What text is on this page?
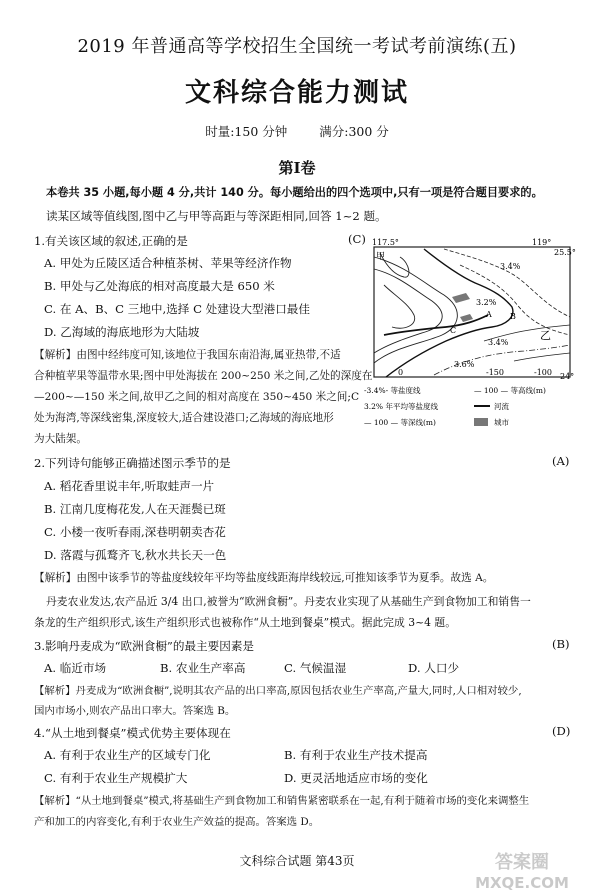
2019 年普通高等学校招生全国统一考试考前演练(五)
文科综合能力测试
时量:150 分钟	满分:300 分
第Ⅰ卷
本卷共 35 小题,每小题 4 分,共计 140 分。每小题给出的四个选项中,只有一项是符合题目要求的。
读某区域等值线图,图中乙与甲等高距与等深距相同,回答 1~2 题。
1.有关该区域的叙述,正确的是	(C)
A. 甲处为丘陵区适合种植茶树、苹果等经济作物
B. 甲处与乙处海底的相对高度最大是 650 米
C. 在 A、B、C 三地中,选择 C 处建设大型港口最佳
D. 乙海域的海底地形为大陆坡
【解析】由图中经纬度可知,该地位于我国东南沿海,属亚热带,不适
合种植苹果等温带水果;图中甲处海拔在 200~250 米之间,乙处的深度在
—200~—150 米之间,故甲乙之间的相对高度在 350~450 米之间;C
处为海湾,等深线密集,深度较大,适合建设港口;乙海域的海底地形
为大陆架。
117.5°	119°
25.5°
24°
甲
乙
B
C
A
3.4%
3.2%
3.4%
3.6%
0	-150	-100
-3.4%- 等盐度线	— 100 — 等高线(m)
3.2% 年平均等盐度线	河流
— 100 — 等深线(m)	城市
2.下列诗句能够正确描述图示季节的是	(A)
A. 稻花香里说丰年,听取蛙声一片
B. 江南几度梅花发,人在天涯鬓已斑
C. 小楼一夜听春雨,深巷明朝卖杏花
D. 落霞与孤鹜齐飞,秋水共长天一色
【解析】由图中该季节的等盐度线较年平均等盐度线距海岸线较远,可推知该季节为夏季。故选 A。
丹麦农业发达,农产品近 3/4 出口,被誉为“欧洲食橱”。丹麦农业实现了从基础生产到食物加工和销售一
条龙的生产组织形式,该生产组织形式也被称作“从土地到餐桌”模式。据此完成 3~4 题。
3.影响丹麦成为“欧洲食橱”的最主要因素是	(B)
A. 临近市场	B. 农业生产率高	C. 气候温湿	D. 人口少
【解析】丹麦成为“欧洲食橱”,说明其农产品的出口率高,原因包括农业生产率高,产量大,同时,人口相对较少,
国内市场小,则农产品出口率大。答案选 B。
4.“从土地到餐桌”模式优势主要体现在	(D)
A. 有利于农业生产的区域专门化	B. 有利于农业生产技术提高
C. 有利于农业生产规模扩大	D. 更灵活地适应市场的变化
【解析】“从土地到餐桌”模式,将基础生产到食物加工和销售紧密联系在一起,有利于随着市场的变化来调整生
产和加工的内容变化,有利于农业生产效益的提高。答案选 D。
文科综合试题 第43页	答案圈
MXQE.COM
